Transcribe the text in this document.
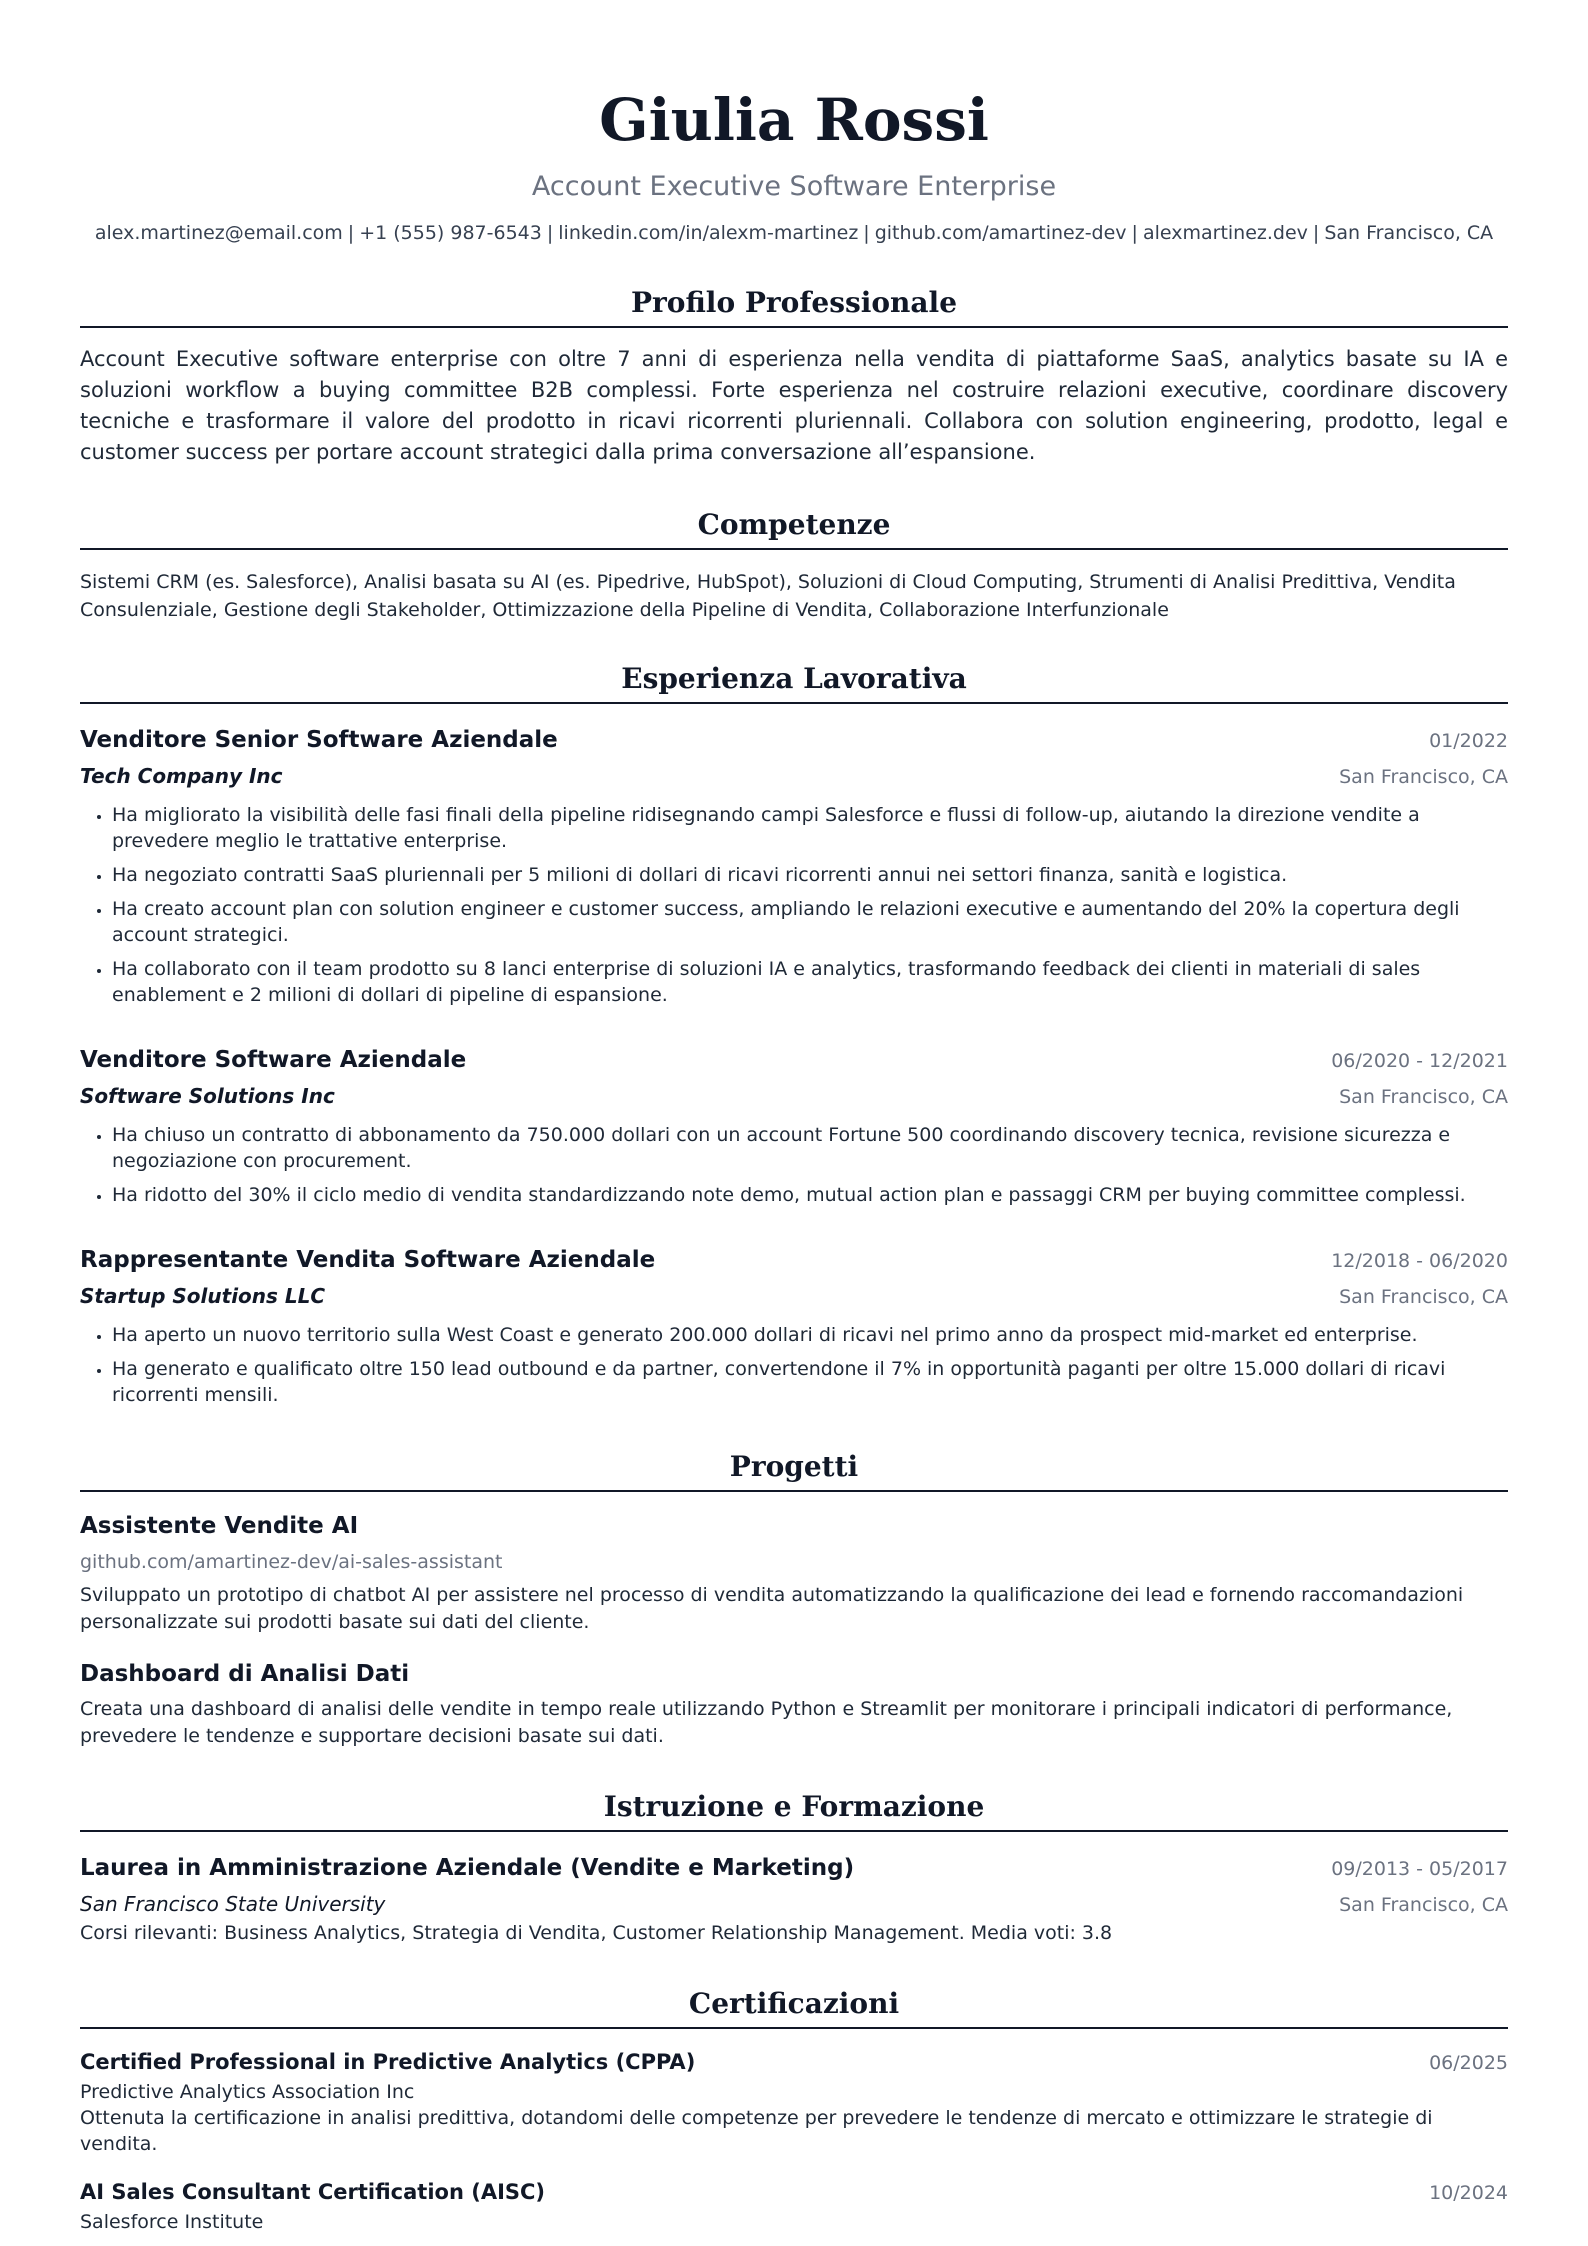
Giulia Rossi
Account Executive Software Enterprise
alex.martinez@email.com | +1 (555) 987-6543 | linkedin.com/in/alexm-martinez | github.com/amartinez-dev | alexmartinez.dev | San Francisco, CA
Profilo Professionale
Account Executive software enterprise con oltre 7 anni di esperienza nella vendita di piattaforme SaaS, analytics basate su IA e soluzioni workflow a buying committee B2B complessi. Forte esperienza nel costruire relazioni executive, coordinare discovery tecniche e trasformare il valore del prodotto in ricavi ricorrenti pluriennali. Collabora con solution engineering, prodotto, legal e customer success per portare account strategici dalla prima conversazione all’espansione.
Competenze
Sistemi CRM (es. Salesforce), Analisi basata su AI (es. Pipedrive, HubSpot), Soluzioni di Cloud Computing, Strumenti di Analisi Predittiva, Vendita Consulenziale, Gestione degli Stakeholder, Ottimizzazione della Pipeline di Vendita, Collaborazione Interfunzionale
Esperienza Lavorativa
Venditore Senior Software Aziendale	01/2022
Tech Company Inc	San Francisco, CA
• Ha migliorato la visibilità delle fasi finali della pipeline ridisegnando campi Salesforce e flussi di follow-up, aiutando la direzione vendite a prevedere meglio le trattative enterprise.
• Ha negoziato contratti SaaS pluriennali per 5 milioni di dollari di ricavi ricorrenti annui nei settori finanza, sanità e logistica.
• Ha creato account plan con solution engineer e customer success, ampliando le relazioni executive e aumentando del 20% la copertura degli account strategici.
• Ha collaborato con il team prodotto su 8 lanci enterprise di soluzioni IA e analytics, trasformando feedback dei clienti in materiali di sales enablement e 2 milioni di dollari di pipeline di espansione.
Venditore Software Aziendale	06/2020 - 12/2021
Software Solutions Inc	San Francisco, CA
• Ha chiuso un contratto di abbonamento da 750.000 dollari con un account Fortune 500 coordinando discovery tecnica, revisione sicurezza e negoziazione con procurement.
• Ha ridotto del 30% il ciclo medio di vendita standardizzando note demo, mutual action plan e passaggi CRM per buying committee complessi.
Rappresentante Vendita Software Aziendale	12/2018 - 06/2020
Startup Solutions LLC	San Francisco, CA
• Ha aperto un nuovo territorio sulla West Coast e generato 200.000 dollari di ricavi nel primo anno da prospect mid-market ed enterprise.
• Ha generato e qualificato oltre 150 lead outbound e da partner, convertendone il 7% in opportunità paganti per oltre 15.000 dollari di ricavi ricorrenti mensili.
Progetti
Assistente Vendite AI
github.com/amartinez-dev/ai-sales-assistant
Sviluppato un prototipo di chatbot AI per assistere nel processo di vendita automatizzando la qualificazione dei lead e fornendo raccomandazioni personalizzate sui prodotti basate sui dati del cliente.
Dashboard di Analisi Dati
Creata una dashboard di analisi delle vendite in tempo reale utilizzando Python e Streamlit per monitorare i principali indicatori di performance, prevedere le tendenze e supportare decisioni basate sui dati.
Istruzione e Formazione
Laurea in Amministrazione Aziendale (Vendite e Marketing)	09/2013 - 05/2017
San Francisco State University	San Francisco, CA
Corsi rilevanti: Business Analytics, Strategia di Vendita, Customer Relationship Management. Media voti: 3.8
Certificazioni
Certified Professional in Predictive Analytics (CPPA)	06/2025
Predictive Analytics Association Inc
Ottenuta la certificazione in analisi predittiva, dotandomi delle competenze per prevedere le tendenze di mercato e ottimizzare le strategie di vendita.
AI Sales Consultant Certification (AISC)	10/2024
Salesforce Institute
